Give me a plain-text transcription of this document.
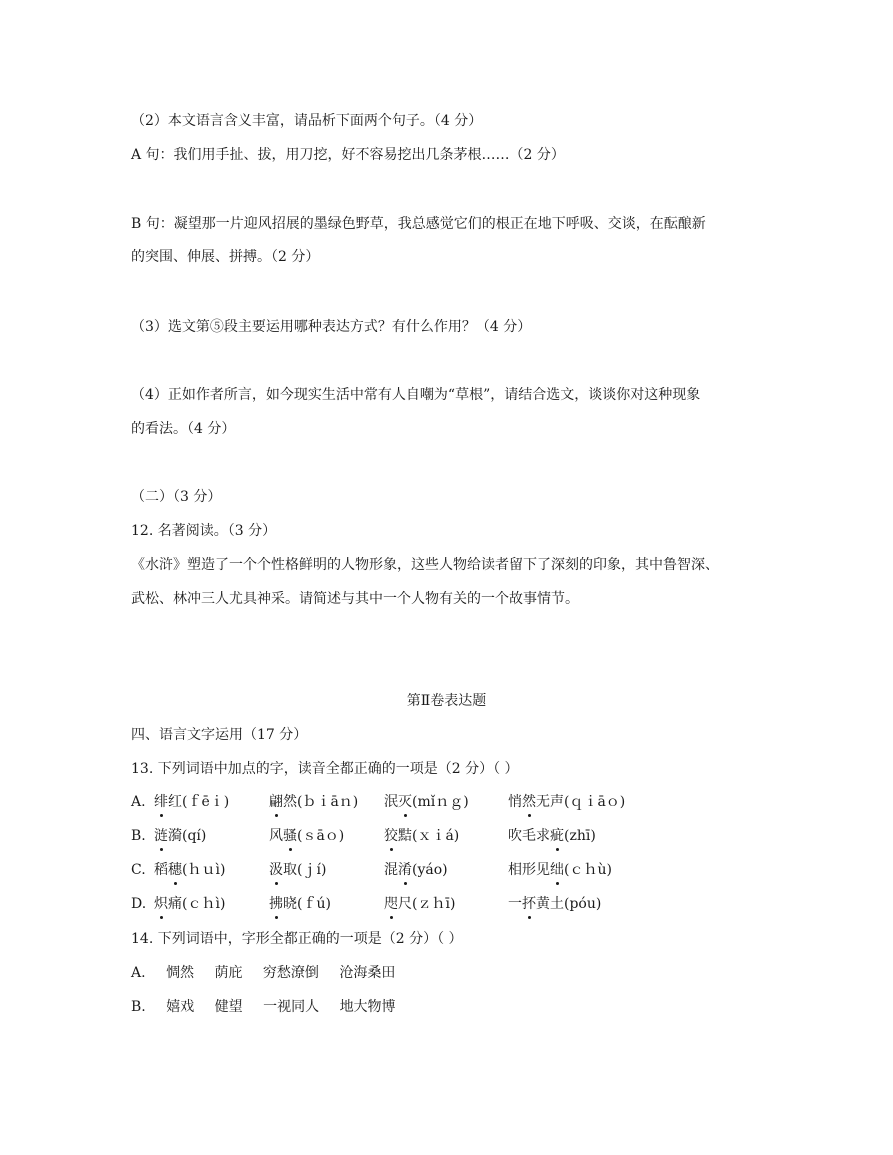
（2）本文语言含义丰富，请品析下面两个句子。（4 分）
A 句：我们用手扯、拔，用刀挖，好不容易挖出几条茅根……（2 分）
B 句：凝望那一片迎风招展的墨绿色野草，我总感觉它们的根正在地下呼吸、交谈，在酝酿新
的突围、伸展、拼搏。（2 分）
（3）选文第⑤段主要运用哪种表达方式？有什么作用？（4 分）
（4）正如作者所言，如今现实生活中常有人自嘲为“草根”，请结合选文，谈谈你对这种现象
的看法。（4 分）
（二）（3 分）
12. 名著阅读。（3 分）
《水浒》塑造了一个个性格鲜明的人物形象，这些人物给读者留下了深刻的印象，其中鲁智深、
武松、林冲三人尤具神采。请简述与其中一个人物有关的一个故事情节。
第Ⅱ卷表达题
四、语言文字运用（17 分）
13. 下列词语中加点的字，读音全都正确的一项是（2 分）（ ）
A. 绯红(ｆēｉ)	翩然(ｂｉāｎ) 泯灭(mǐｎｇ)	悄然无声(ｑｉāｏ)
B. 涟漪(qí)	风骚(ｓāｏ)	狡黠(ｘｉá)	吹毛求疵(zhī)
C. 稻穗(ｈｕì)	汲取(ｊí)	混淆(yáo)	相形见绌(ｃｈù)
D. 炽痛(ｃｈì)	拂晓(ｆú)	咫尺(ｚｈī)	一抔黄土(póu)
14. 下列词语中，字形全都正确的一项是（2 分）（ ）
A. 惆然 荫庇 穷愁潦倒 沧海桑田
B. 嬉戏 健望 一视同人 地大物博
